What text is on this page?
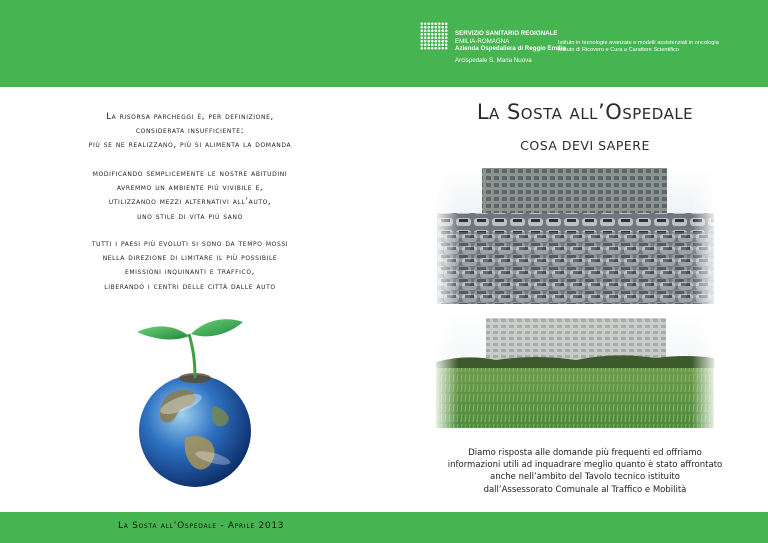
SERVIZIO SANITARIO REGIONALE
EMILIA-ROMAGNA
Azienda Ospedaliera di Reggio Emilia
Arcispedale S. Maria Nuova
Istituto in tecnologie avanzate e modelli assistenziali in oncologia
Istituto di Ricovero e Cura a Carattere Scientifico
La risorsa parcheggi è, per definizione,
considerata insufficiente:
più se ne realizzano, più si alimenta la domanda
modificando semplicemente le nostre abitudini
avremmo un ambiente più vivibile e,
utilizzando mezzi alternativi all’auto,
uno stile di vita più sano
tutti i paesi più evoluti si sono da tempo mossi
nella direzione di limitare il più possibile
emissioni inquinanti e traffico,
liberando i centri delle città dalle auto
La Sosta all’Ospedale
COSA DEVI SAPERE
Diamo risposta alle domande più frequenti ed offriamo
informazioni utili ad inquadrare meglio quanto è stato affrontato
anche nell’ambito del Tavolo tecnico istituito
dall’Assessorato Comunale al Traffico e Mobilità
La Sosta all’Ospedale - Aprile 2013
